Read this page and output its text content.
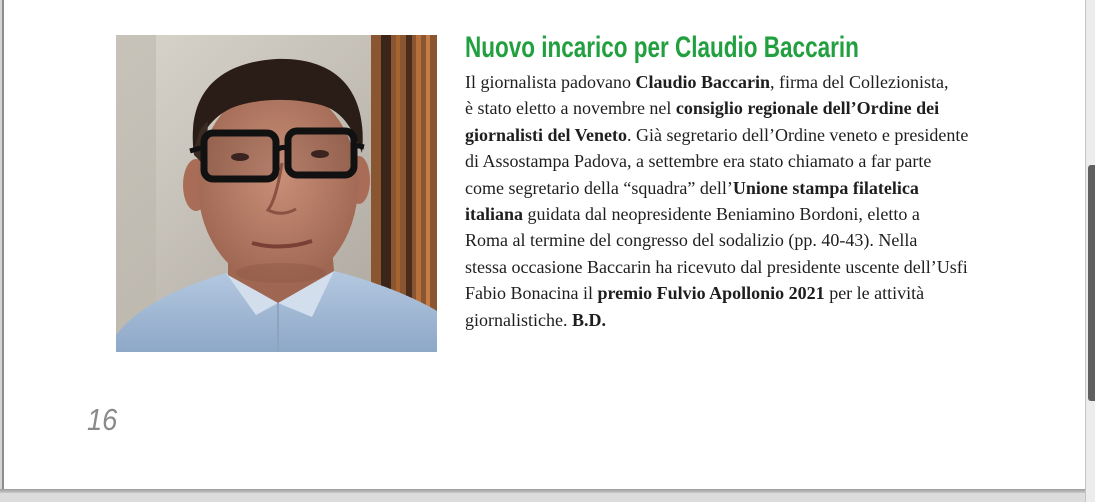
Nuovo incarico per Claudio Baccarin
Il giornalista padovano Claudio Baccarin, firma del Collezionista,
è stato eletto a novembre nel consiglio regionale dell’Ordine dei
giornalisti del Veneto. Già segretario dell’Ordine veneto e presidente
di Assostampa Padova, a settembre era stato chiamato a far parte
come segretario della “squadra” dell’Unione stampa filatelica
italiana guidata dal neopresidente Beniamino Bordoni, eletto a
Roma al termine del congresso del sodalizio (pp. 40-43). Nella
stessa occasione Baccarin ha ricevuto dal presidente uscente dell’Usfi
Fabio Bonacina il premio Fulvio Apollonio 2021 per le attività
giornalistiche. B.D.
16
